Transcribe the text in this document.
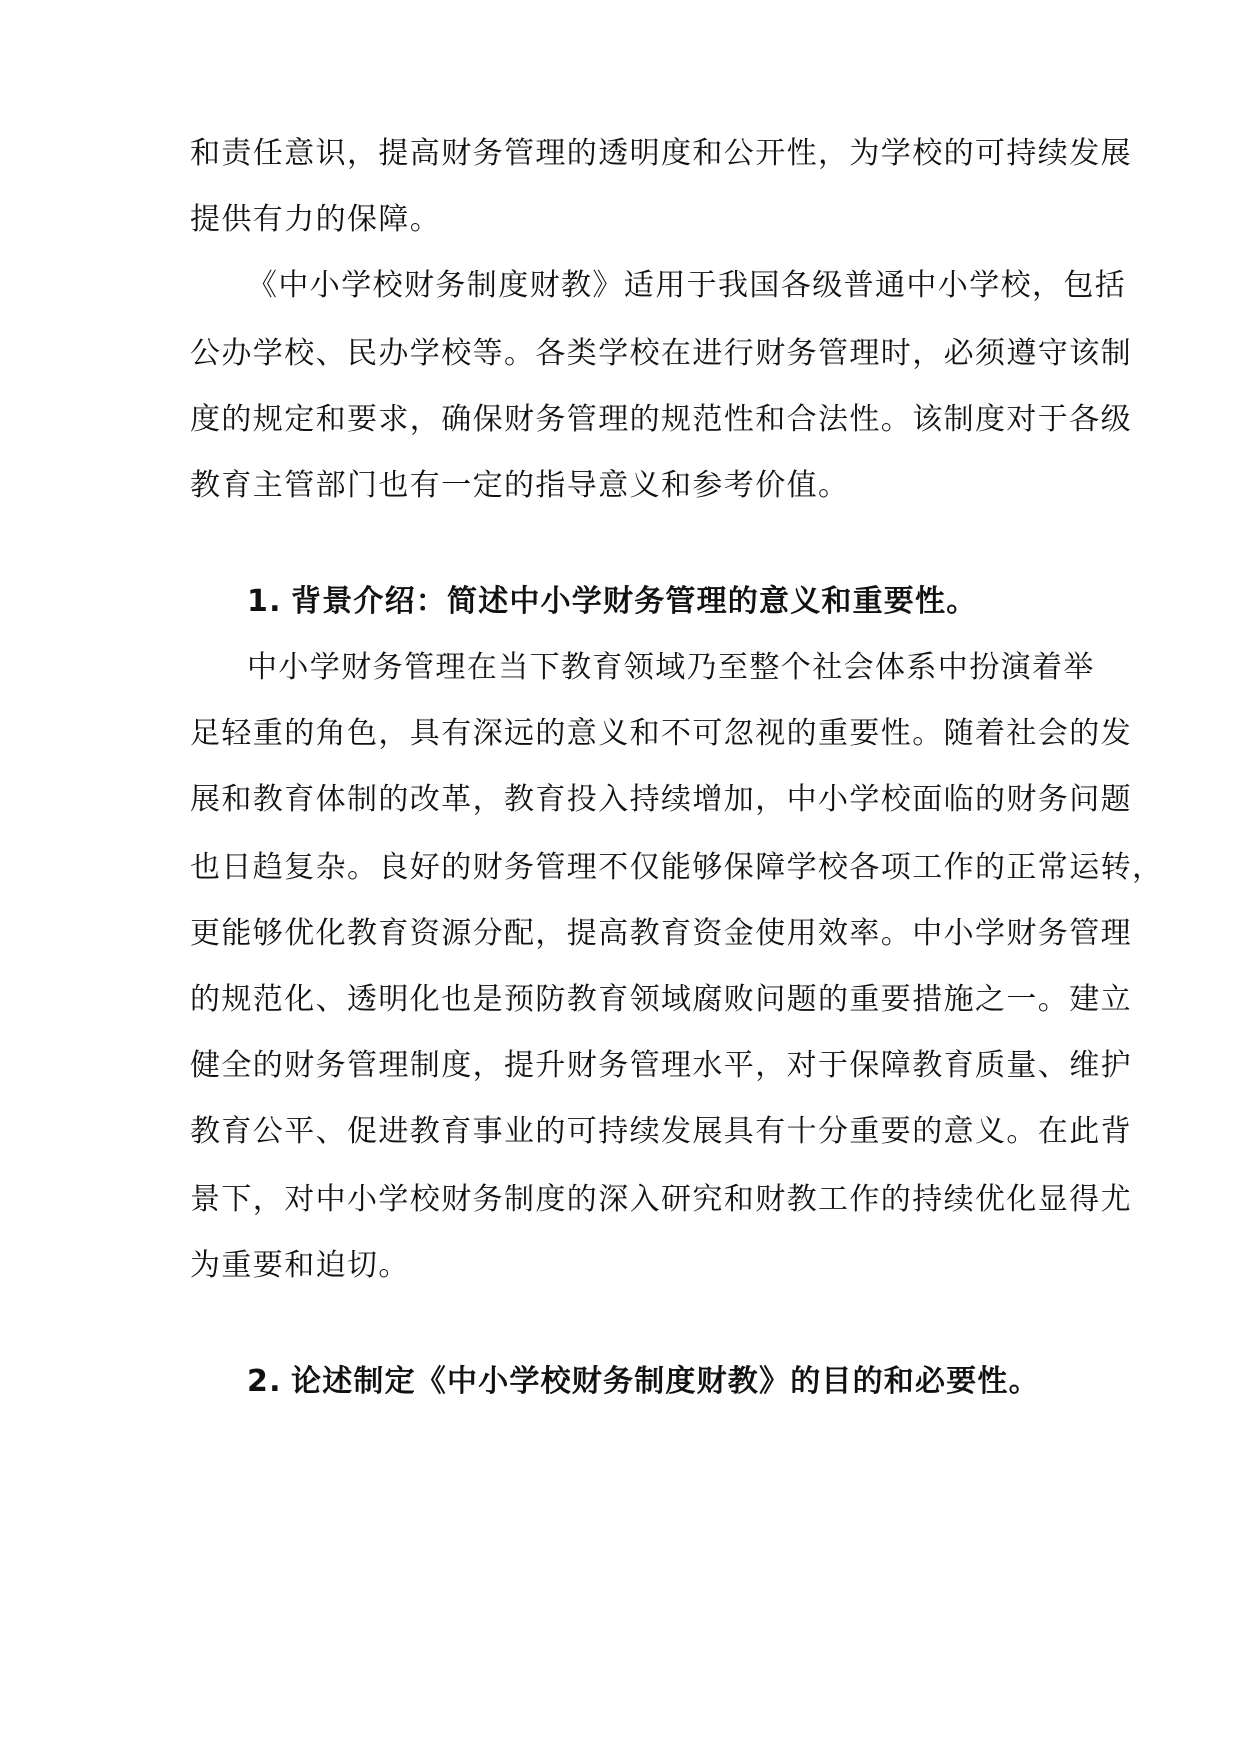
和责任意识，提高财务管理的透明度和公开性，为学校的可持续发展
提供有力的保障。
《中小学校财务制度财教》适用于我国各级普通中小学校，包括
公办学校、民办学校等。各类学校在进行财务管理时，必须遵守该制
度的规定和要求，确保财务管理的规范性和合法性。该制度对于各级
教育主管部门也有一定的指导意义和参考价值。
1. 背景介绍：简述中小学财务管理的意义和重要性。
中小学财务管理在当下教育领域乃至整个社会体系中扮演着举
足轻重的角色，具有深远的意义和不可忽视的重要性。随着社会的发
展和教育体制的改革，教育投入持续增加，中小学校面临的财务问题
也日趋复杂。良好的财务管理不仅能够保障学校各项工作的正常运转，
更能够优化教育资源分配，提高教育资金使用效率。中小学财务管理
的规范化、透明化也是预防教育领域腐败问题的重要措施之一。建立
健全的财务管理制度，提升财务管理水平，对于保障教育质量、维护
教育公平、促进教育事业的可持续发展具有十分重要的意义。在此背
景下，对中小学校财务制度的深入研究和财教工作的持续优化显得尤
为重要和迫切。
2. 论述制定《中小学校财务制度财教》的目的和必要性。
